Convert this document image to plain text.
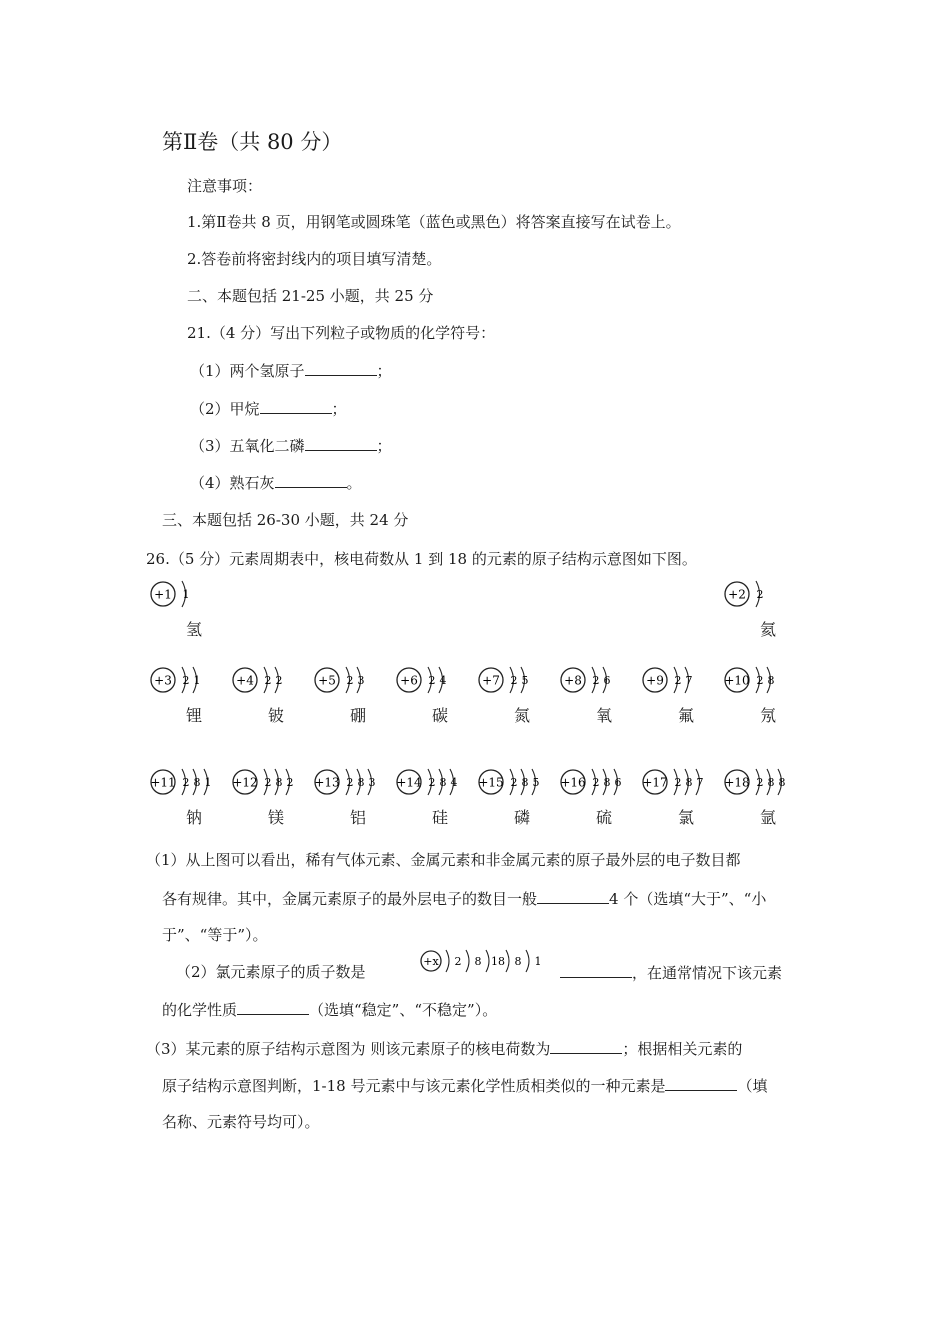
第Ⅱ卷（共 80 分）
注意事项：
1.第Ⅱ卷共 8 页，用钢笔或圆珠笔（蓝色或黑色）将答案直接写在试卷上。
2.答卷前将密封线内的项目填写清楚。
二、本题包括 21-25 小题，共 25 分
21.（4 分）写出下列粒子或物质的化学符号：
（1）两个氢原子	；
（2）甲烷	；
（3）五氧化二磷	；
（4）熟石灰	。
三、本题包括 26-30 小题，共 24 分
26.（5 分）元素周期表中，核电荷数从 1 到 18 的元素的原子结构示意图如下图。
+1 1
氢
+2 2
氦
+3 2 1
锂
+4 2 2
铍
+5 2 3
硼
+6 2 4
碳
+7 2 5
氮
+8 2 6
氧
+9 2 7
氟
+10 2 8
氖
+11 2 8 1
钠
+12 2 8 2
镁
+13 2 8 3
铝
+14 2 8 4
硅
+15 2 8 5
磷
+16 2 8 6
硫
+17 2 8 7
氯
+18 2 8 8
氩
（1）从上图可以看出，稀有气体元素、金属元素和非金属元素的原子最外层的电子数目都
各有规律。其中，金属元素原子的最外层电子的数目一般	4 个（选填“大于”、“小
于”、“等于”）。
（2）氯元素原子的质子数是
+x 2 8 18 8 1
，在通常情况下该元素
的化学性质	（选填“稳定”、“不稳定”）。
（3）某元素的原子结构示意图为 则该元素原子的核电荷数为	；根据相关元素的
原子结构示意图判断，1-18 号元素中与该元素化学性质相类似的一种元素是	（填
名称、元素符号均可）。
